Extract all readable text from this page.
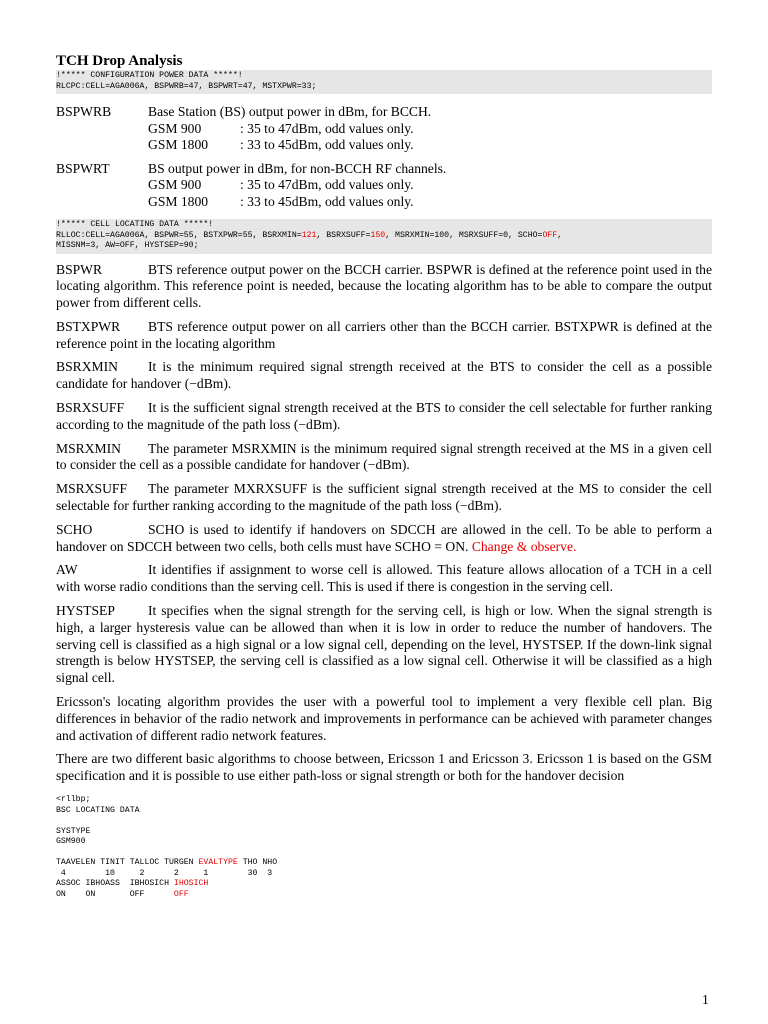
TCH Drop Analysis

!***** CONFIGURATION POWER DATA *****!
RLCPC:CELL=AGA006A, BSPWRB=47, BSPWRT=47, MSTXPWR=33;
BSPWRB	Base Station (BS) output power in dBm, for BCCH.
GSM 900	: 35 to 47dBm, odd values only.
GSM 1800	: 33 to 45dBm, odd values only.
BSPWRT	BS output power in dBm, for non-BCCH RF channels.
GSM 900	: 35 to 47dBm, odd values only.
GSM 1800	: 33 to 45dBm, odd values only.
!***** CELL LOCATING DATA *****!
RLLOC:CELL=AGA006A, BSPWR=55, BSTXPWR=55, BSRXMIN=121, BSRXSUFF=150, MSRXMIN=100, MSRXSUFF=0, SCHO=OFF,
MISSNM=3, AW=OFF, HYSTSEP=90;

BSPWR	BTS reference output power on the BCCH carrier. BSPWR is defined at the reference point used in the locating algorithm. This reference point is needed, because the locating algorithm has to be able to compare the output power from different cells.

BSTXPWR BTS reference output power on all carriers other than the BCCH carrier. BSTXPWR is defined at the reference point in the locating algorithm

BSRXMIN It is the minimum required signal strength received at the BTS to consider the cell as a possible candidate for handover (−dBm).

BSRXSUFF It is the sufficient signal strength received at the BTS to consider the cell selectable for further ranking according to the magnitude of the path loss (−dBm).

MSRXMIN The parameter MSRXMIN is the minimum required signal strength received at the MS in a given cell to consider the cell as a possible candidate for handover (−dBm).

MSRXSUFF The parameter MXRXSUFF is the sufficient signal strength received at the MS to consider the cell selectable for further ranking according to the magnitude of the path loss (−dBm).

SCHO	SCHO is used to identify if handovers on SDCCH are allowed in the cell. To be able to perform a handover on SDCCH between two cells, both cells must have SCHO = ON. Change & observe.

AW	It identifies if assignment to worse cell is allowed. This feature allows allocation of a TCH in a cell with worse radio conditions than the serving cell. This is used if there is congestion in the serving cell.

HYSTSEP It specifies when the signal strength for the serving cell, is high or low. When the signal strength is high, a larger hysteresis value can be allowed than when it is low in order to reduce the number of handovers. The serving cell is classified as a high signal or a low signal cell, depending on the level, HYSTSEP. If the down-link signal strength is below HYSTSEP, the serving cell is classified as a low signal cell. Otherwise it will be classified as a high signal cell.

Ericsson's locating algorithm provides the user with a powerful tool to implement a very flexible cell plan. Big differences in behavior of the radio network and improvements in performance can be achieved with parameter changes and activation of different radio network features.

There are two different basic algorithms to choose between, Ericsson 1 and Ericsson 3. Ericsson 1 is based on the GSM specification and it is possible to use either path-loss or signal strength or both for the handover decision

<rllbp;
BSC LOCATING DATA

SYSTYPE
GSM900

TAAVELEN TINIT TALLOC TURGEN EVALTYPE THO NHO
4        10     2      2     1        30  3
ASSOC IBHOASS  IBHOSICH IHOSICH
ON    ON       OFF      OFF
1
